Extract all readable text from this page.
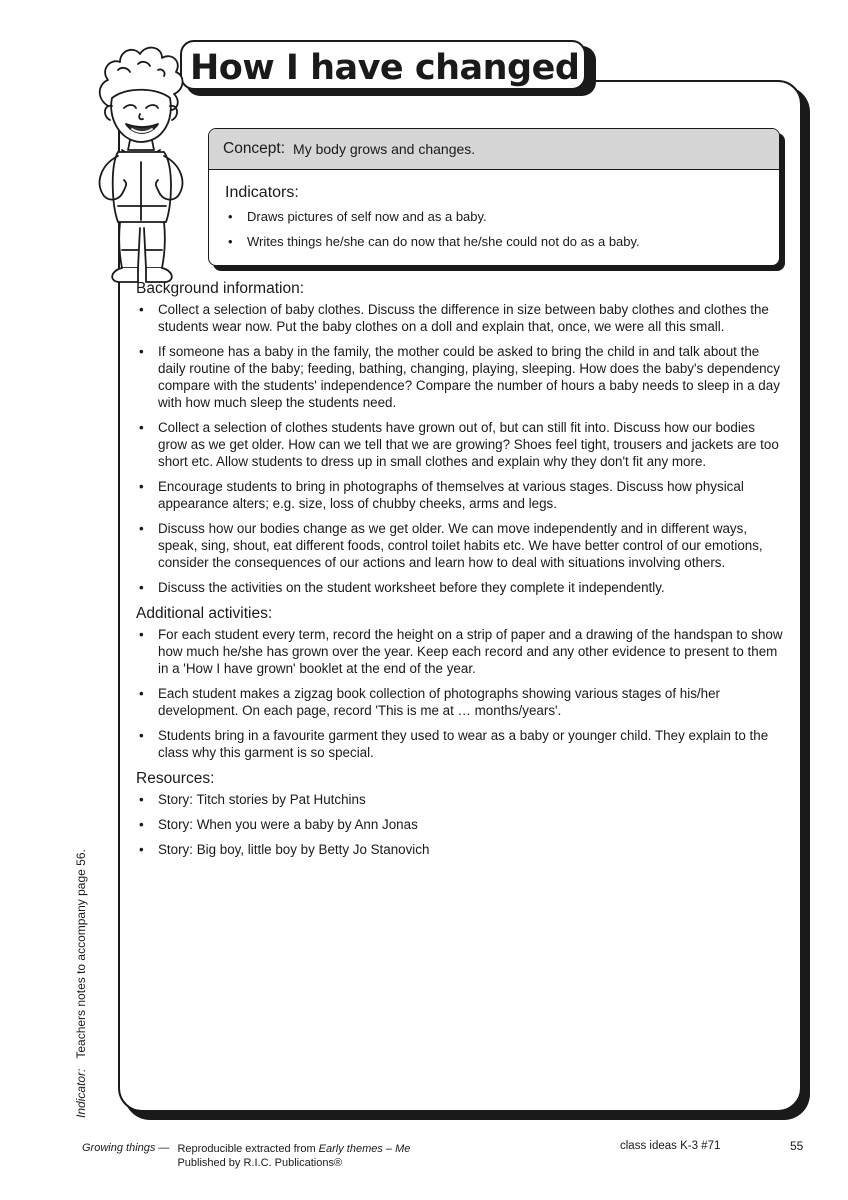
How I have changed
Concept: My body grows and changes.
Indicators:
• Draws pictures of self now and as a baby.
• Writes things he/she can do now that he/she could not do as a baby.
Background information:
• Collect a selection of baby clothes. Discuss the difference in size between baby clothes and clothes the students wear now. Put the baby clothes on a doll and explain that, once, we were all this small.
• If someone has a baby in the family, the mother could be asked to bring the child in and talk about the daily routine of the baby; feeding, bathing, changing, playing, sleeping. How does the baby's dependency compare with the students' independence? Compare the number of hours a baby needs to sleep in a day with how much sleep the students need.
• Collect a selection of clothes students have grown out of, but can still fit into. Discuss how our bodies grow as we get older. How can we tell that we are growing? Shoes feel tight, trousers and jackets are too short etc. Allow students to dress up in small clothes and explain why they don't fit any more.
• Encourage students to bring in photographs of themselves at various stages. Discuss how physical appearance alters; e.g. size, loss of chubby cheeks, arms and legs.
• Discuss how our bodies change as we get older. We can move independently and in different ways, speak, sing, shout, eat different foods, control toilet habits etc. We have better control of our emotions, consider the consequences of our actions and learn how to deal with situations involving others.
• Discuss the activities on the student worksheet before they complete it independently.
Additional activities:
• For each student every term, record the height on a strip of paper and a drawing of the handspan to show how much he/she has grown over the year. Keep each record and any other evidence to present to them in a 'How I have grown' booklet at the end of the year.
• Each student makes a zigzag book collection of photographs showing various stages of his/her development. On each page, record 'This is me at … months/years'.
• Students bring in a favourite garment they used to wear as a baby or younger child. They explain to the class why this garment is so special.
Resources:
• Story: Titch stories by Pat Hutchins
• Story: When you were a baby by Ann Jonas
• Story: Big boy, little boy by Betty Jo Stanovich
Indicator:Teachers notes to accompany page 56.
Growing things — Reproducible extracted from Early themes – Me
Published by R.I.C. Publications®
class ideas K-3 #71	55
